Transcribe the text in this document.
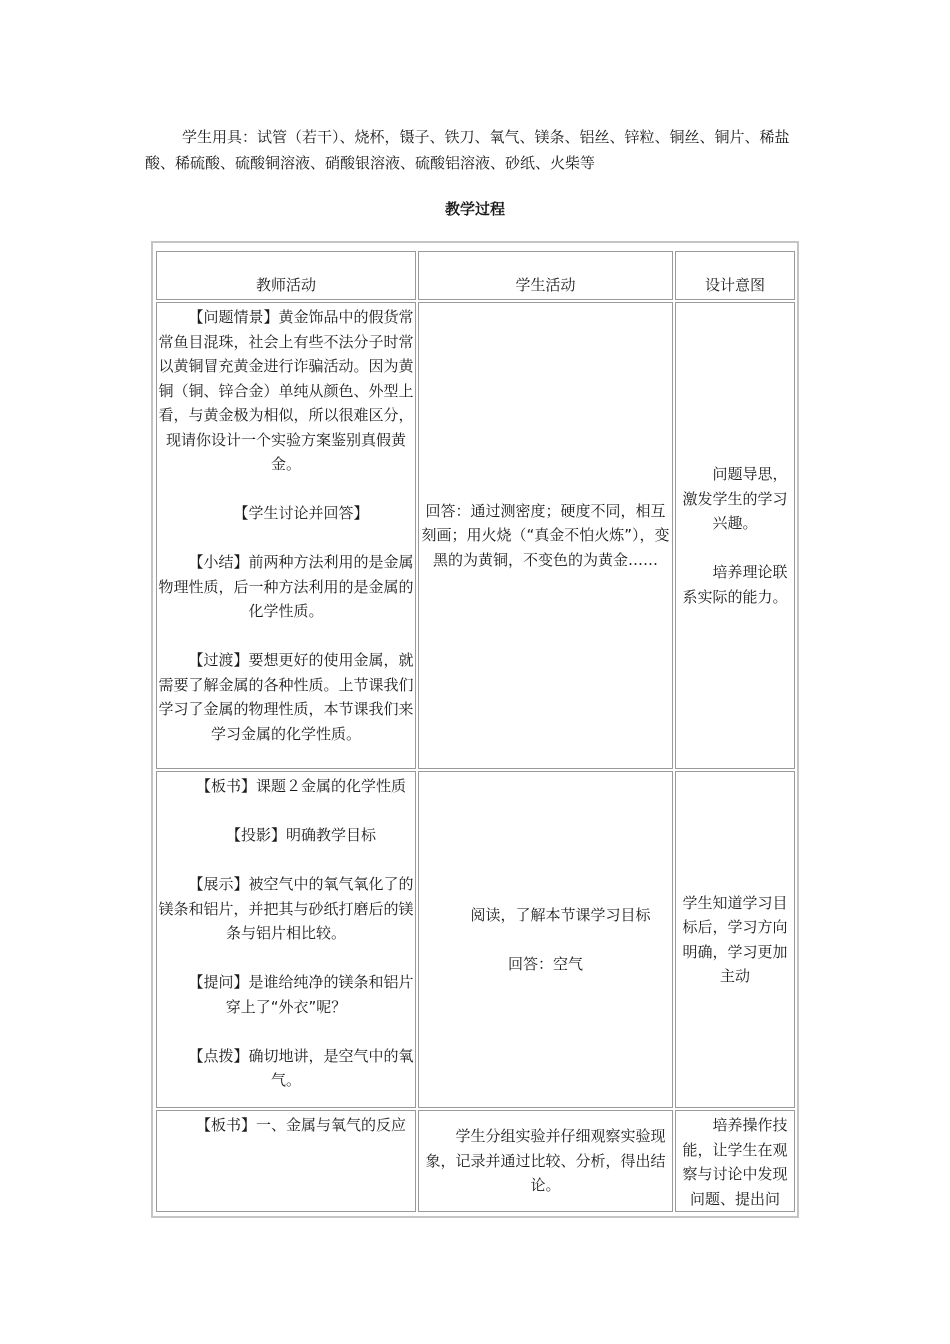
学生用具：试管（若干）、烧杯，镊子、铁刀、氧气、镁条、铝丝、锌粒、铜丝、铜片、稀盐酸、稀硫酸、硫酸铜溶液、硝酸银溶液、硫酸铝溶液、砂纸、火柴等
教学过程
教师活动	学生活动	设计意图

【问题情景】黄金饰品中的假货常常鱼目混珠，社会上有些不法分子时常以黄铜冒充黄金进行诈骗活动。因为黄铜（铜、锌合金）单纯从颜色、外型上看，与黄金极为相似，所以很难区分，现请你设计一个实验方案鉴别真假黄金。

【学生讨论并回答】

【小结】前两种方法利用的是金属物理性质，后一种方法利用的是金属的化学性质。

【过渡】要想更好的使用金属，就需要了解金属的各种性质。上节课我们学习了金属的物理性质，本节课我们来学习金属的化学性质。

回答：通过测密度；硬度不同，相互刻画；用火烧（“真金不怕火炼”），变黑的为黄铜，不变色的为黄金……

问题导思，激发学生的学习兴趣。

培养理论联系实际的能力。

【板书】课题２金属的化学性质

【投影】明确教学目标

【展示】被空气中的氧气氧化了的镁条和铝片，并把其与砂纸打磨后的镁条与铝片相比较。

【提问】是谁给纯净的镁条和铝片穿上了“外衣”呢？

【点拨】确切地讲，是空气中的氧气。

阅读，了解本节课学习目标

回答：空气

学生知道学习目标后，学习方向明确，学习更加主动

【板书】一、金属与氧气的反应

学生分组实验并仔细观察实验现象，记录并通过比较、分析，得出结论。

培养操作技能，让学生在观察与讨论中发现问题、提出问
